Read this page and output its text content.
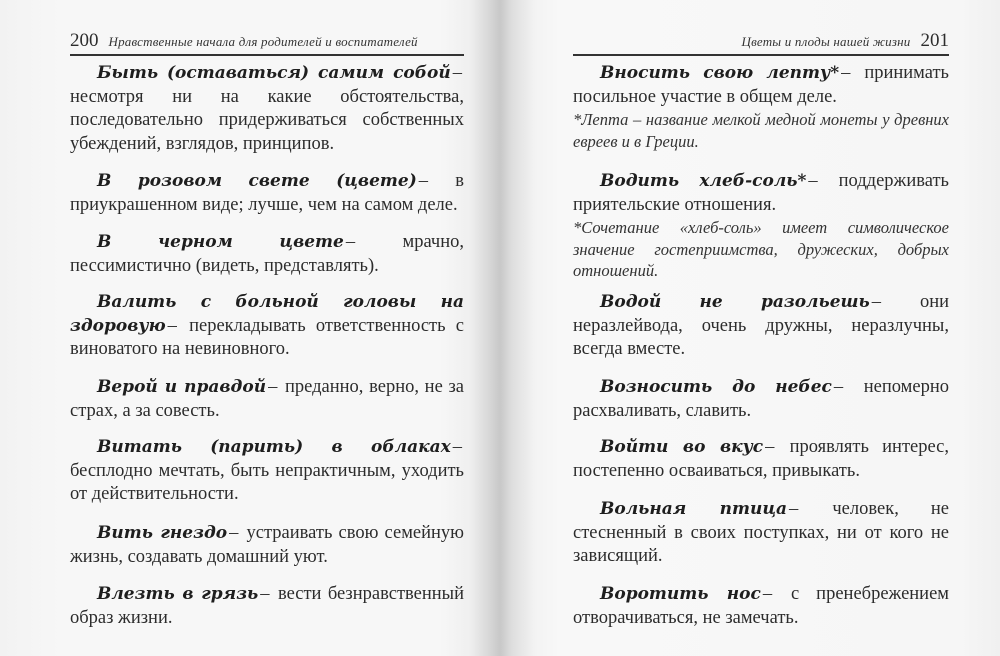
200 Нравственные начала для родителей и воспитателей

Быть (оставаться) самим собой – несмотря ни на какие обстоятельства, последовательно придерживаться собственных убеждений, взглядов, принципов.

В розовом свете (цвете) – в приукрашенном виде; лучше, чем на самом деле.

В черном цвете –	мрачно, пессимистично (видеть, представлять).

Валить с больной головы на здоровую – перекладывать ответственность с виноватого на невиновного.

Верой и правдой – преданно, верно, не за страх, а за совесть.

Витать (парить) в облаках – бесплодно мечтать, быть непрактичным, уходить от действительности.

Вить гнездо – устраивать свою семейную жизнь, создавать домашний уют.

Влезть в грязь – вести безнравственный образ жизни.

Цветы и плоды нашей жизни 201
Вносить свою лепту* – принимать посильное участие в общем деле.
*Лепта – название мелкой медной монеты у древних евреев и в Греции.
Водить хлеб-соль* – поддерживать приятельские отношения.
*Сочетание «хлеб-соль» имеет символическое значение гостеприимства, дружеских, добрых отношений.
Водой не разольешь – они неразлейвода, очень дружны, неразлучны, всегда вместе.
Возносить до небес – непомерно расхваливать, славить.
Войти во вкус – проявлять интерес, постепенно осваиваться, привыкать.
Вольная птица – человек, не стесненный в своих поступках, ни от кого не зависящий.
Воротить нос – с пренебрежением отворачиваться, не замечать.
